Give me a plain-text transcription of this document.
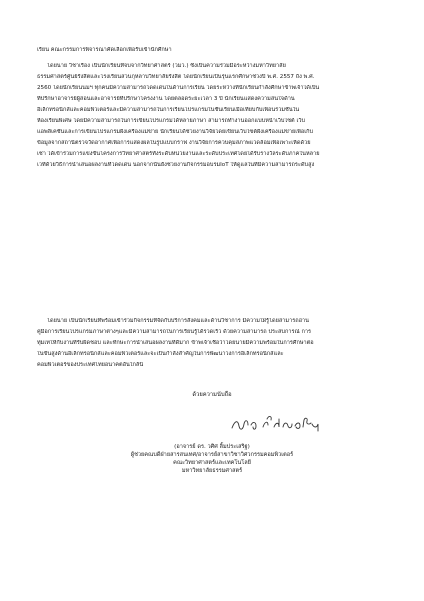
เรียน คณะกรรมการพิจารณาคัดเลือกเพื่อรับเข้านักศึกษา
โดยนาย วิชาเรือง เป็นนักเรียนที่จบจากวิทยาศาสตร์ (วมว.) ซึ่งเป็นความร่วมมือระหว่างมหาวิทยาลัย
ธรรมศาสตร์ศูนย์รังสิตและโรงเรียนสวนกุหลาบวิทยาลัยรังสิต โดยนักเรียนเป็นรุ่นแรกศึกษาช่วงปี พ.ศ. 2557 ถึง พ.ศ.
2560 โดยนักเรียนนมฯ ทุกคนมีความสามารถโดดเด่นในด้านการเรียน โดยระหว่างที่นักเรียนกำลังศึกษาข้าพเจ้าได้เป็น
ที่ปรึกษาอาจารย์ผู้สอนและอาจารย์ที่ปรึกษาโครงงาน โดยตลอดระยะเวลา 3 ปี นักเรียนแสดงความสนใจด้าน
อิเล็กทรอนิกส์และคอมพิวเตอร์และมีความสามารถในการเรียนโปรแกรมในชั้นเรียนเมื่อเทียบกับเพื่อนร่วมชั้นใน
ห้องเรียนพิเศษ โดยมีความสามารถในการเขียนโปรแกรมได้หลายภาษา สามารถทำงานออกแบบหน้าเว็บไซต์ เว็บ
แอพลิเคชั่นและการเขียนโปรแกรมฝั่งเครื่องแม่ข่าย นักเรียนได้ช่วยงานวิจัยโดยเขียนเว็บไซต์ฝั่งเครื่องแม่ข่ายเพื่อเก็บ
ข้อมูลจากสถานีตรวจวัดอากาศเพื่อการแสดงผลในรูปแบบกราฟ งานวิจัยการควบคุมสภาพแวดล้อมเพื่อเพาะเห็ดด้วย
เช่า ได้เข้าร่วมการแข่งขันโครงการวิทยาศาสตร์ทั้งระดับหน่วยงานและระดับประเทศโดยได้รับรางวัลระดับภาคในหลาย
เวทีด้วยวิธีการนำเสนอผลงานที่โดดเด่น นอกจากนั้นยังช่วยงานกิจกรรมอบรมIoT ให้ดูแลในที่มีความสามารถระดับสูง
โดยนาย เป็นนักเรียนที่พร้อมเข้าร่วมกิจกรรมที่จัดกับบริการสังคมและด้านวิชาการ มีความใฝ่รู้โดยสามารถอ่าน
คู่มือการเรียนโปรแกรมภาษาต่างๆและมีความสามารถในการเรียนรู้ได้รวดเร็ว ด้วยความสามารถ ประสบการณ์ การ
ทุ่มเทให้กับงานที่รับผิดชอบ และทักษะการนำเสนอผลงานที่ดีมาก ข้าพเจ้าเชื่อว่าโดยนายมีความพร้อมในการศึกษาต่อ
ในขั้นสูงด้านอิเล็กทรอนิกส์และคอมพิวเตอร์และจะเป็นกำลังสำคัญในการพัฒนาวงการอิเล็กทรอนิกส์และ
คอมพิวเตอร์ของประเทศไทยอนาคตอันใกล้นี้
ด้วยความนับถือ
(อาจารย์ ดร. วศิศ ลิ้มประเสริฐ)
ผู้ช่วยคณบดีฝ่ายสารสนเทศ/อาจารย์สาขาวิชาวิศวกรรมคอมพิวเตอร์
คณะวิทยาศาสตร์และเทคโนโลยี
มหาวิทยาลัยธรรมศาสตร์
